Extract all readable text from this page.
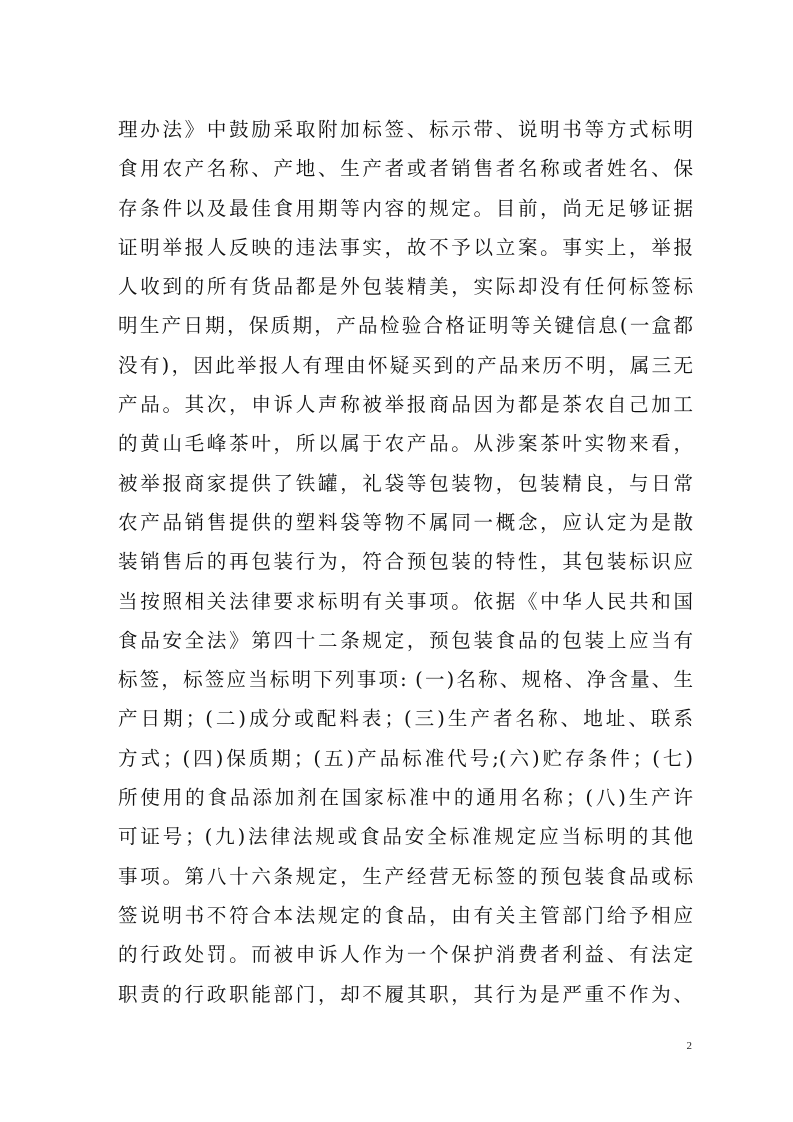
理办法》中鼓励采取附加标签、标示带、说明书等方式标明
食用农产名称、产地、生产者或者销售者名称或者姓名、保
存条件以及最佳食用期等内容的规定。目前，尚无足够证据
证明举报人反映的违法事实，故不予以立案。事实上，举报
人收到的所有货品都是外包装精美，实际却没有任何标签标
明生产日期，保质期，产品检验合格证明等关键信息(一盒都
没有)，因此举报人有理由怀疑买到的产品来历不明，属三无
产品。其次，申诉人声称被举报商品因为都是茶农自己加工
的黄山毛峰茶叶，所以属于农产品。从涉案茶叶实物来看，
被举报商家提供了铁罐，礼袋等包装物，包装精良，与日常
农产品销售提供的塑料袋等物不属同一概念，应认定为是散
装销售后的再包装行为，符合预包装的特性，其包装标识应
当按照相关法律要求标明有关事项。依据《中华人民共和国
食品安全法》第四十二条规定，预包装食品的包装上应当有
标签，标签应当标明下列事项: (一)名称、规格、净含量、生
产日期；(二)成分或配料表；(三)生产者名称、地址、联系
方式；(四)保质期；(五)产品标准代号;(六)贮存条件；(七)
所使用的食品添加剂在国家标准中的通用名称；(八)生产许
可证号；(九)法律法规或食品安全标准规定应当标明的其他
事项。第八十六条规定，生产经营无标签的预包装食品或标
签说明书不符合本法规定的食品，由有关主管部门给予相应
的行政处罚。而被申诉人作为一个保护消费者利益、有法定
职责的行政职能部门，却不履其职，其行为是严重不作为、
2
